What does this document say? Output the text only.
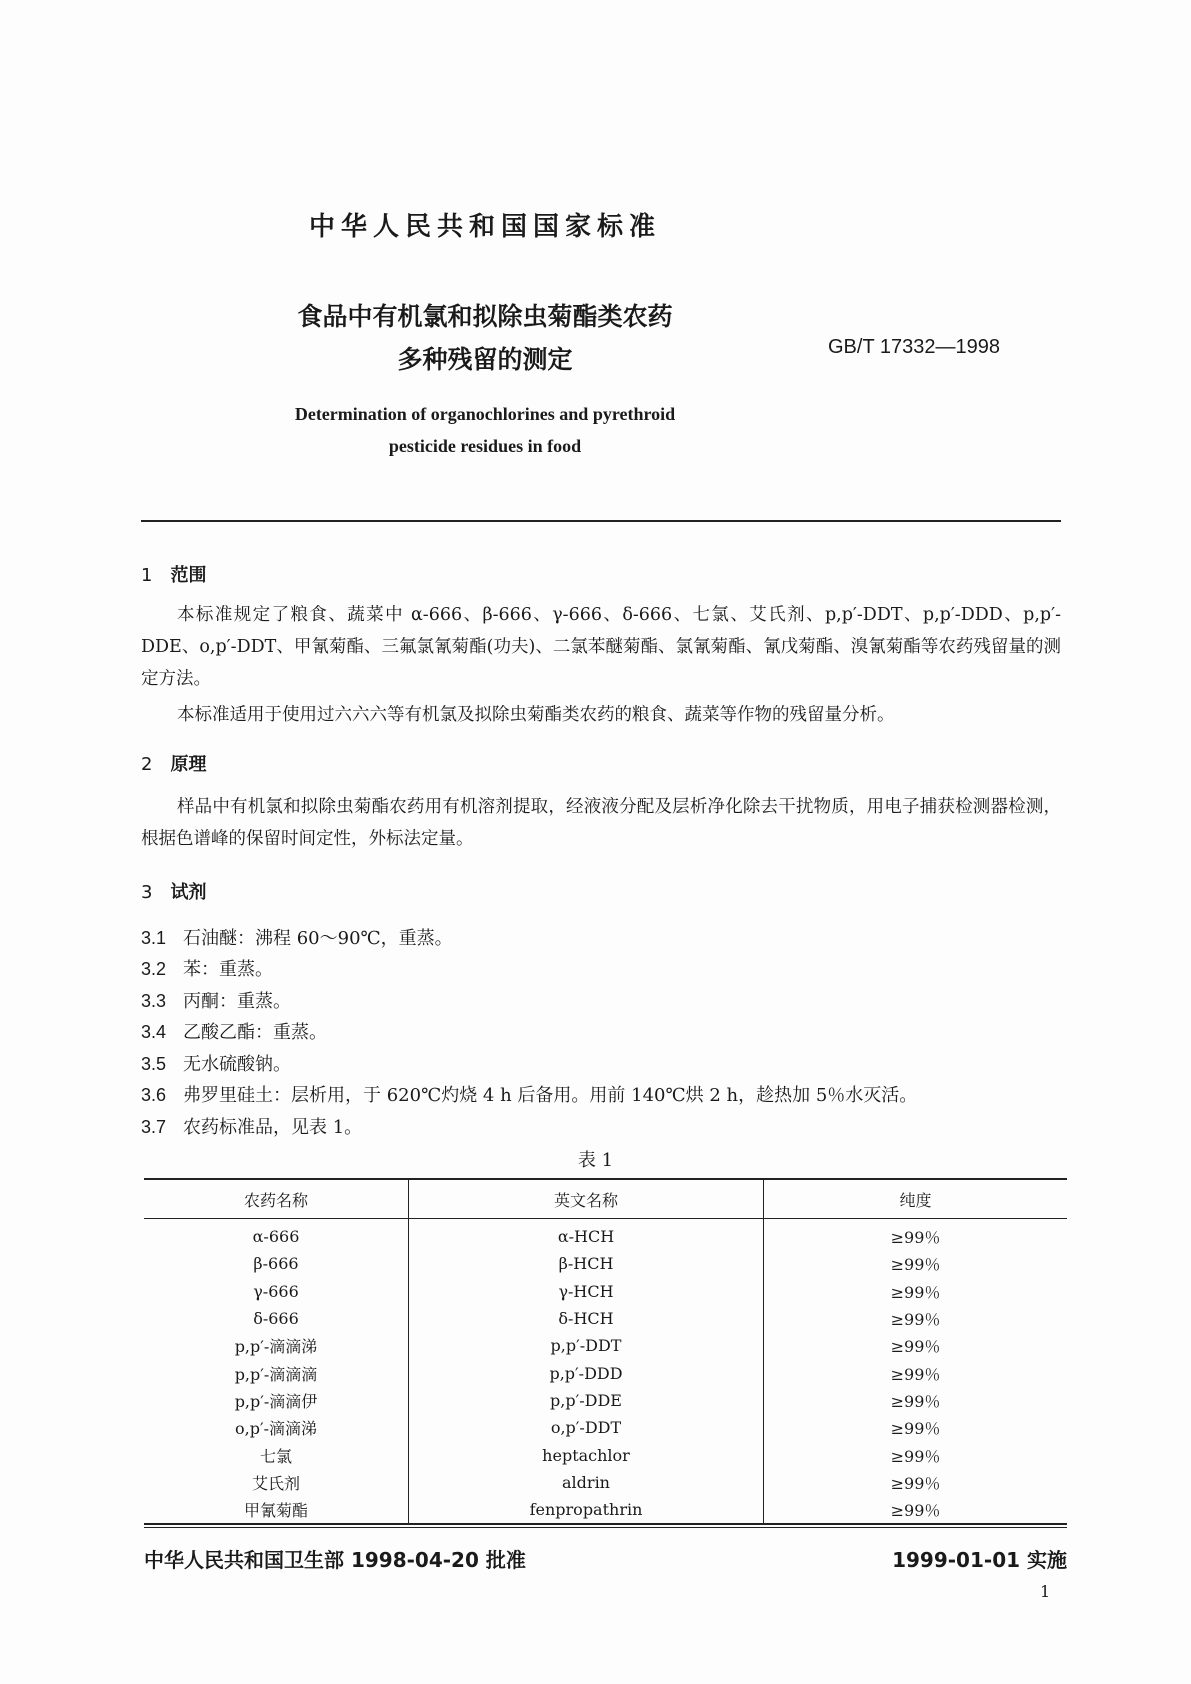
中华人民共和国国家标准
食品中有机氯和拟除虫菊酯类农药
多种残留的测定	GB/T 17332—1998
Determination of organochlorines and pyrethroid
pesticide residues in food
1 范围
本标准规定了粮食、蔬菜中 α-666、β-666、γ-666、δ-666、七氯、艾氏剂、p,p′-DDT、p,p′-DDD、p,p′-DDE、o,p′-DDT、甲氰菊酯、三氟氯氰菊酯(功夫)、二氯苯醚菊酯、氯氰菊酯、氰戊菊酯、溴氰菊酯等农药残留量的测定方法。
本标准适用于使用过六六六等有机氯及拟除虫菊酯类农药的粮食、蔬菜等作物的残留量分析。
2 原理
样品中有机氯和拟除虫菊酯农药用有机溶剂提取，经液液分配及层析净化除去干扰物质，用电子捕获检测器检测，根据色谱峰的保留时间定性，外标法定量。
3 试剂
3.1 石油醚：沸程 60～90℃，重蒸。
3.2 苯：重蒸。
3.3 丙酮：重蒸。
3.4 乙酸乙酯：重蒸。
3.5 无水硫酸钠。
3.6 弗罗里硅土：层析用，于 620℃灼烧 4 h 后备用。用前 140℃烘 2 h，趁热加 5％水灭活。
3.7 农药标准品，见表 1。
表 1
农药名称	英文名称	纯度
α-666	α-HCH	≥99％
β-666	β-HCH	≥99％
γ-666	γ-HCH	≥99％
δ-666	δ-HCH	≥99％
p,p′-滴滴涕	p,p′-DDT	≥99％
p,p′-滴滴滴	p,p′-DDD	≥99％
p,p′-滴滴伊	p,p′-DDE	≥99％
o,p′-滴滴涕	o,p′-DDT	≥99％
七氯	heptachlor	≥99％
艾氏剂	aldrin	≥99％
甲氰菊酯	fenpropathrin	≥99％
中华人民共和国卫生部 1998-04-20 批准	1999-01-01 实施
1
